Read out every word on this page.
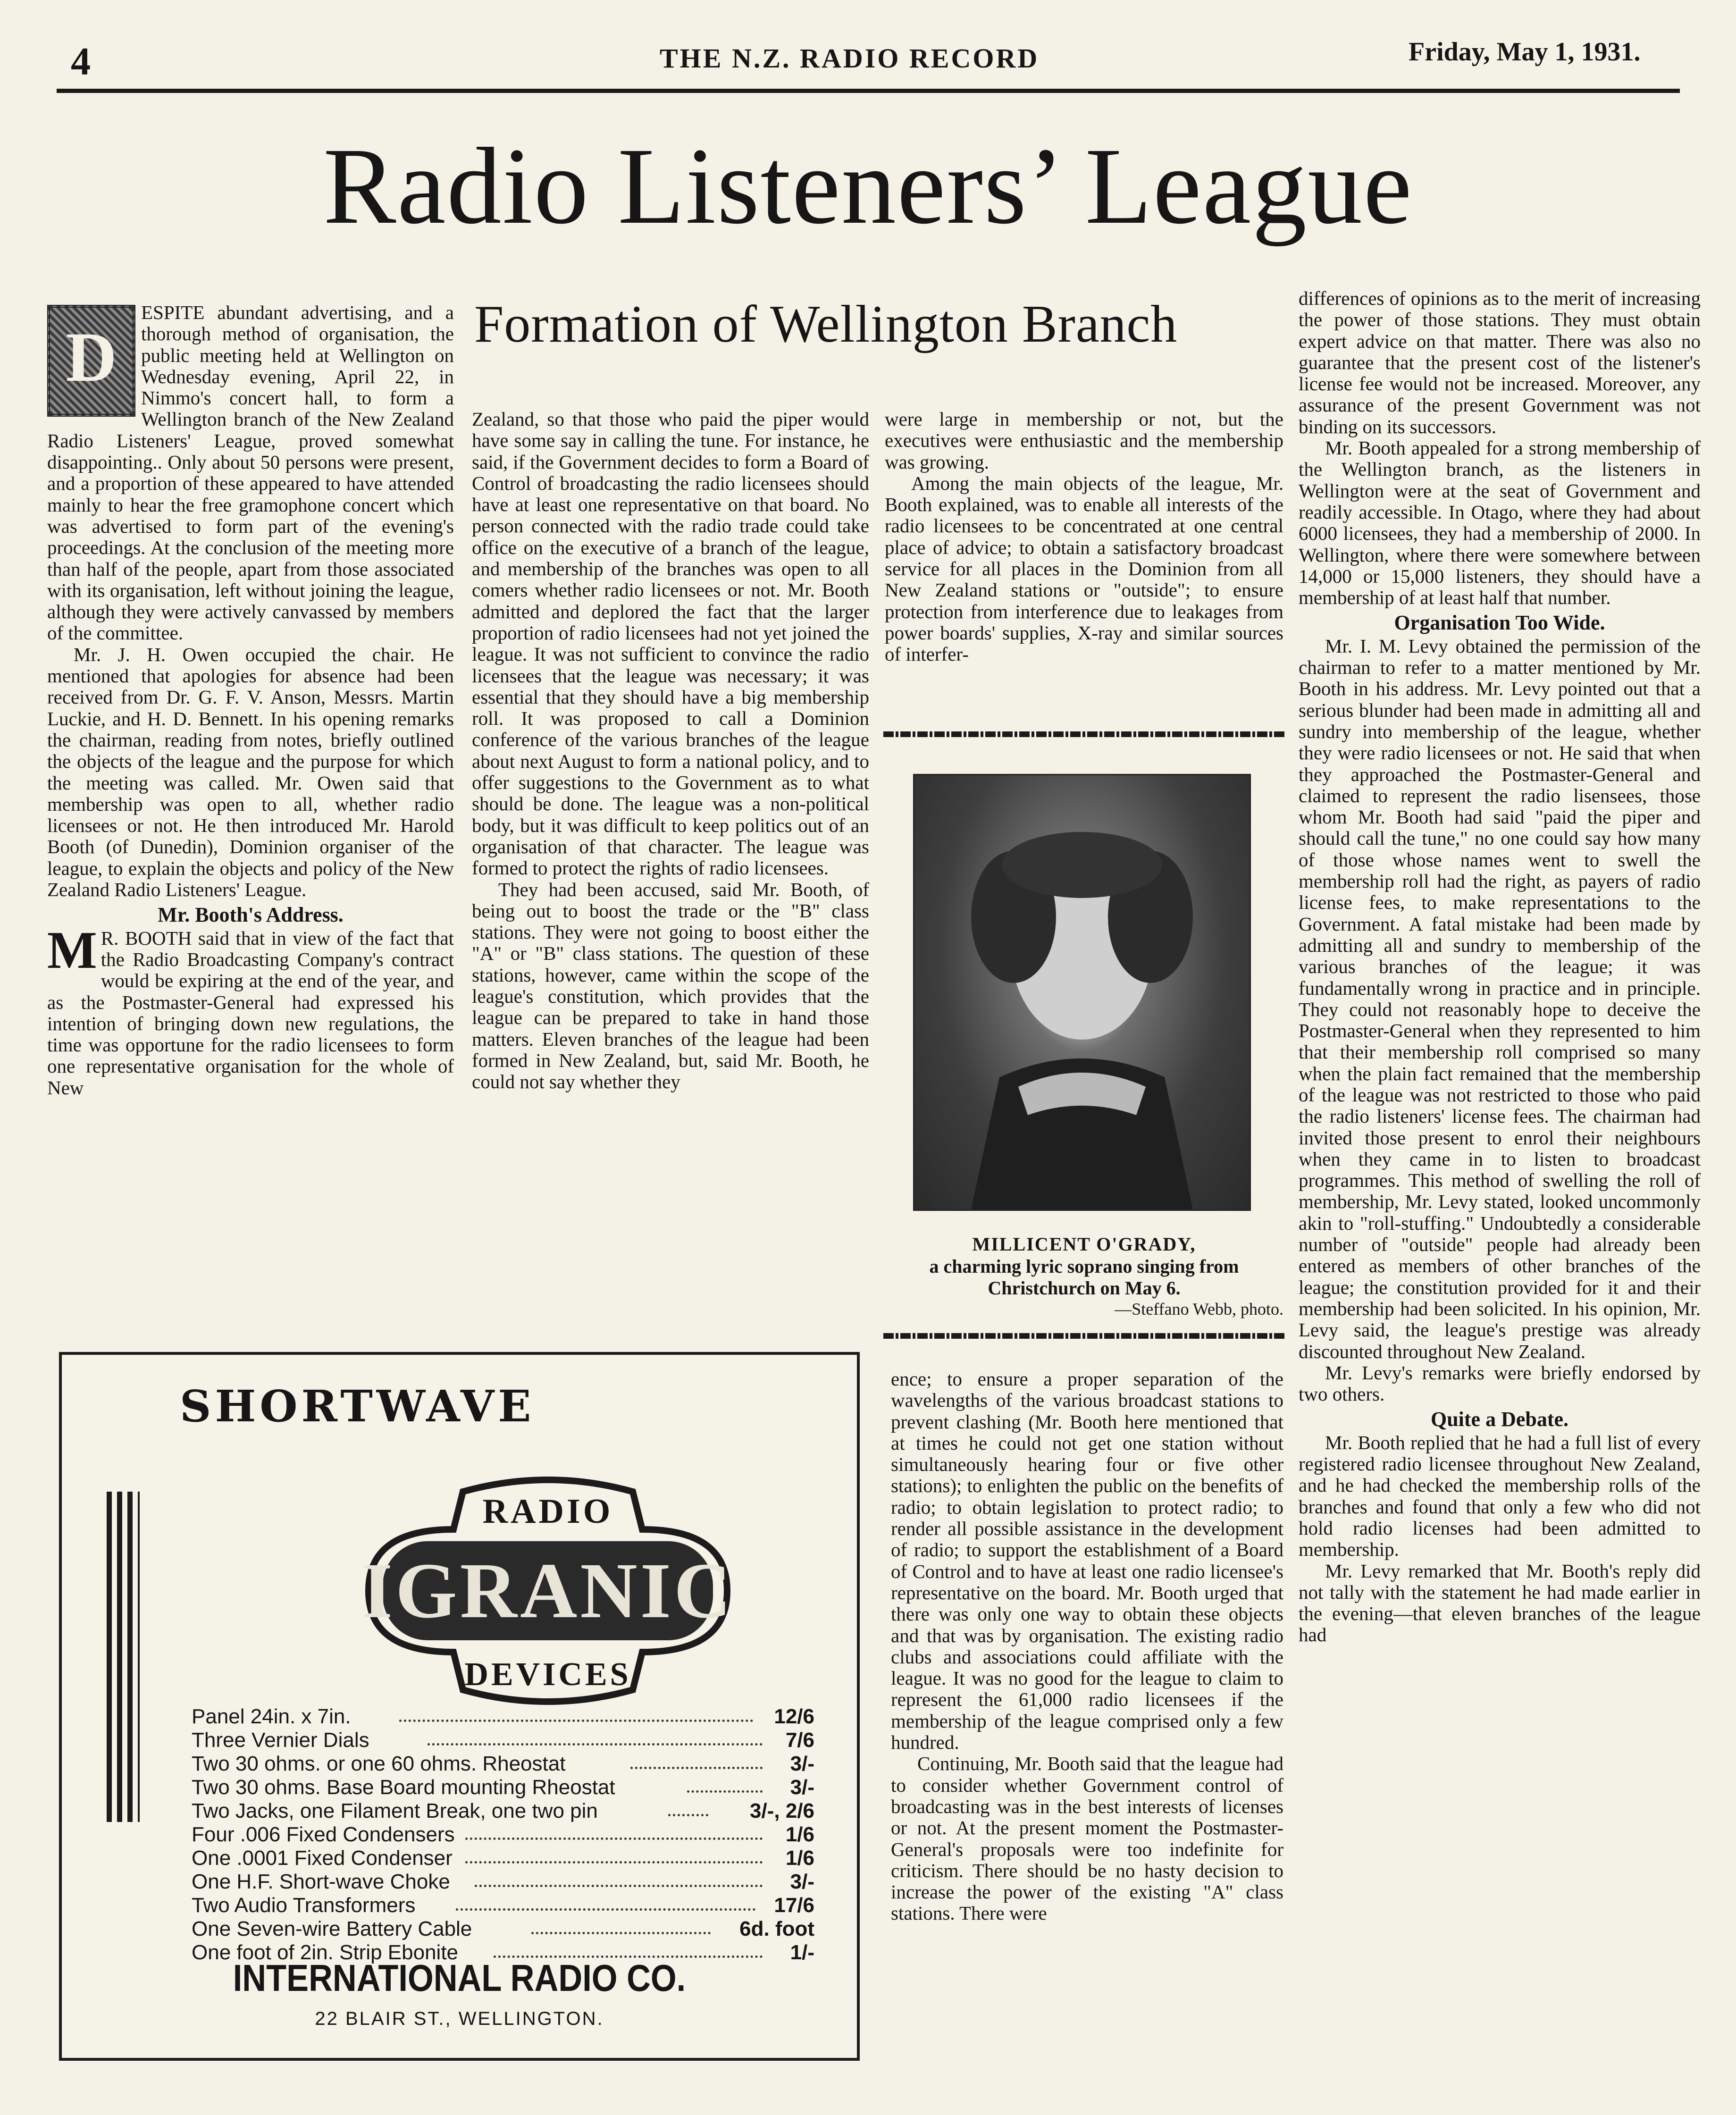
4	THE N.Z. RADIO RECORD	Friday, May 1, 1931.
Radio Listeners’ League
Formation of Wellington Branch
D

ESPITE abundant advertising, and a thorough method of organisation, the public meeting held at Wellington on Wednesday evening, April 22, in Nimmo's concert hall, to form a Wellington branch of the New Zealand Radio Listeners' League, proved somewhat disappointing.. Only about 50 persons were present, and a proportion of these appeared to have attended mainly to hear the free gramophone concert which was advertised to form part of the evening's proceedings. At the conclusion of the meeting more than half of the people, apart from those associated with its organisation, left without joining the league, although they were actively canvassed by members of the committee.

Mr. J. H. Owen occupied the chair. He mentioned that apologies for absence had been received from Dr. G. F. V. Anson, Messrs. Martin Luckie, and H. D. Bennett. In his opening remarks the chairman, reading from notes, briefly outlined the objects of the league and the purpose for which the meeting was called. Mr. Owen said that membership was open to all, whether radio licensees or not. He then introduced Mr. Harold Booth (of Dunedin), Dominion organiser of the league, to explain the objects and policy of the New Zealand Radio Listeners' League.

Mr. Booth's Address.
M R. BOOTH said that in view of the fact that the Radio Broadcasting Company's contract would be expiring at the end of the year, and as the Postmaster-General had expressed his intention of bringing down new regulations, the time was opportune for the radio licensees to form one representative organisation for the whole of New

Zealand, so that those who paid the piper would have some say in calling the tune. For instance, he said, if the Government decides to form a Board of Control of broadcasting the radio licensees should have at least one representative on that board. No person connected with the radio trade could take office on the executive of a branch of the league, and membership of the branches was open to all comers whether radio licensees or not. Mr. Booth admitted and deplored the fact that the larger proportion of radio licensees had not yet joined the league. It was not sufficient to convince the radio licensees that the league was necessary; it was essential that they should have a big membership roll. It was proposed to call a Dominion conference of the various branches of the league about next August to form a national policy, and to offer suggestions to the Government as to what should be done. The league was a non-political body, but it was difficult to keep politics out of an organisation of that character. The league was formed to protect the rights of radio licensees.

They had been accused, said Mr. Booth, of being out to boost the trade or the "B" class stations. They were not going to boost either the "A" or "B" class stations. The question of these stations, however, came within the scope of the league's constitution, which provides that the league can be prepared to take in hand those matters. Eleven branches of the league had been formed in New Zealand, but, said Mr. Booth, he could not say whether they

were large in membership or not, but the executives were enthusiastic and the membership was growing.

Among the main objects of the league, Mr. Booth explained, was to enable all interests of the radio licensees to be concentrated at one central place of advice; to obtain a satisfactory broadcast service for all places in the Dominion from all New Zealand stations or "outside"; to ensure protection from interference due to leakages from power boards' supplies, X-ray and similar sources of interfer-

MILLICENT O'GRADY,
a charming lyric soprano singing from
Christchurch on May 6.
—Steffano Webb, photo.

ence; to ensure a proper separation of the wavelengths of the various broadcast stations to prevent clashing (Mr. Booth here mentioned that at times he could not get one station without simultaneously hearing four or five other stations); to enlighten the public on the benefits of radio; to obtain legislation to protect radio; to render all possible assistance in the development of radio; to support the establishment of a Board of Control and to have at least one radio licensee's representative on the board. Mr. Booth urged that there was only one way to obtain these objects and that was by organisation. The existing radio clubs and associations could affiliate with the league. It was no good for the league to claim to represent the 61,000 radio licensees if the membership of the league comprised only a few hundred.

Continuing, Mr. Booth said that the league had to consider whether Government control of broadcasting was in the best interests of licenses or not. At the present moment the Postmaster-General's proposals were too indefinite for criticism. There should be no hasty decision to increase the power of the existing "A" class stations. There were

differences of opinions as to the merit of increasing the power of those stations. They must obtain expert advice on that matter. There was also no guarantee that the present cost of the listener's license fee would not be increased. Moreover, any assurance of the present Government was not binding on its successors.

Mr. Booth appealed for a strong membership of the Wellington branch, as the listeners in Wellington were at the seat of Government and readily accessible. In Otago, where they had about 6000 licensees, they had a membership of 2000. In Wellington, where there were somewhere between 14,000 or 15,000 listeners, they should have a membership of at least half that number.

Organisation Too Wide.

Mr. I. M. Levy obtained the permission of the chairman to refer to a matter mentioned by Mr. Booth in his address. Mr. Levy pointed out that a serious blunder had been made in admitting all and sundry into membership of the league, whether they were radio licensees or not. He said that when they approached the Postmaster-General and claimed to represent the radio lisensees, those whom Mr. Booth had said "paid the piper and should call the tune," no one could say how many of those whose names went to swell the membership roll had the right, as payers of radio license fees, to make representations to the Government. A fatal mistake had been made by admitting all and sundry to membership of the various branches of the league; it was fundamentally wrong in practice and in principle. They could not reasonably hope to deceive the Postmaster-General when they represented to him that their membership roll comprised so many when the plain fact remained that the membership of the league was not restricted to those who paid the radio listeners' license fees. The chairman had invited those present to enrol their neighbours when they came in to listen to broadcast programmes. This method of swelling the roll of membership, Mr. Levy stated, looked uncommonly akin to "roll-stuffing." Undoubtedly a considerable number of "outside" people had already been entered as members of other branches of the league; the constitution provided for it and their membership had been solicited. In his opinion, Mr. Levy said, the league's prestige was already discounted throughout New Zealand.

Mr. Levy's remarks were briefly endorsed by two others.

Quite a Debate.

Mr. Booth replied that he had a full list of every registered radio licensee throughout New Zealand, and he had checked the membership rolls of the branches and found that only a few who did not hold radio licenses had been admitted to membership.

Mr. Levy remarked that Mr. Booth's reply did not tally with the statement he had made earlier in the evening—that eleven branches of the league had

SHORTWAVE
RADIO
IGRANIC
DEVICES
Panel 24in. x 7in.	12/6
Three Vernier Dials	7/6
Two 30 ohms. or one 60 ohms. Rheostat	3/-
Two 30 ohms. Base Board mounting Rheostat	3/-
Two Jacks, one Filament Break, one two pin	3/-, 2/6
Four .006 Fixed Condensers	1/6
One .0001 Fixed Condenser	1/6
One H.F. Short-wave Choke	3/-
Two Audio Transformers	17/6
One Seven-wire Battery Cable	6d. foot
One foot of 2in. Strip Ebonite	1/-
INTERNATIONAL RADIO CO.
22 BLAIR ST., WELLINGTON.
